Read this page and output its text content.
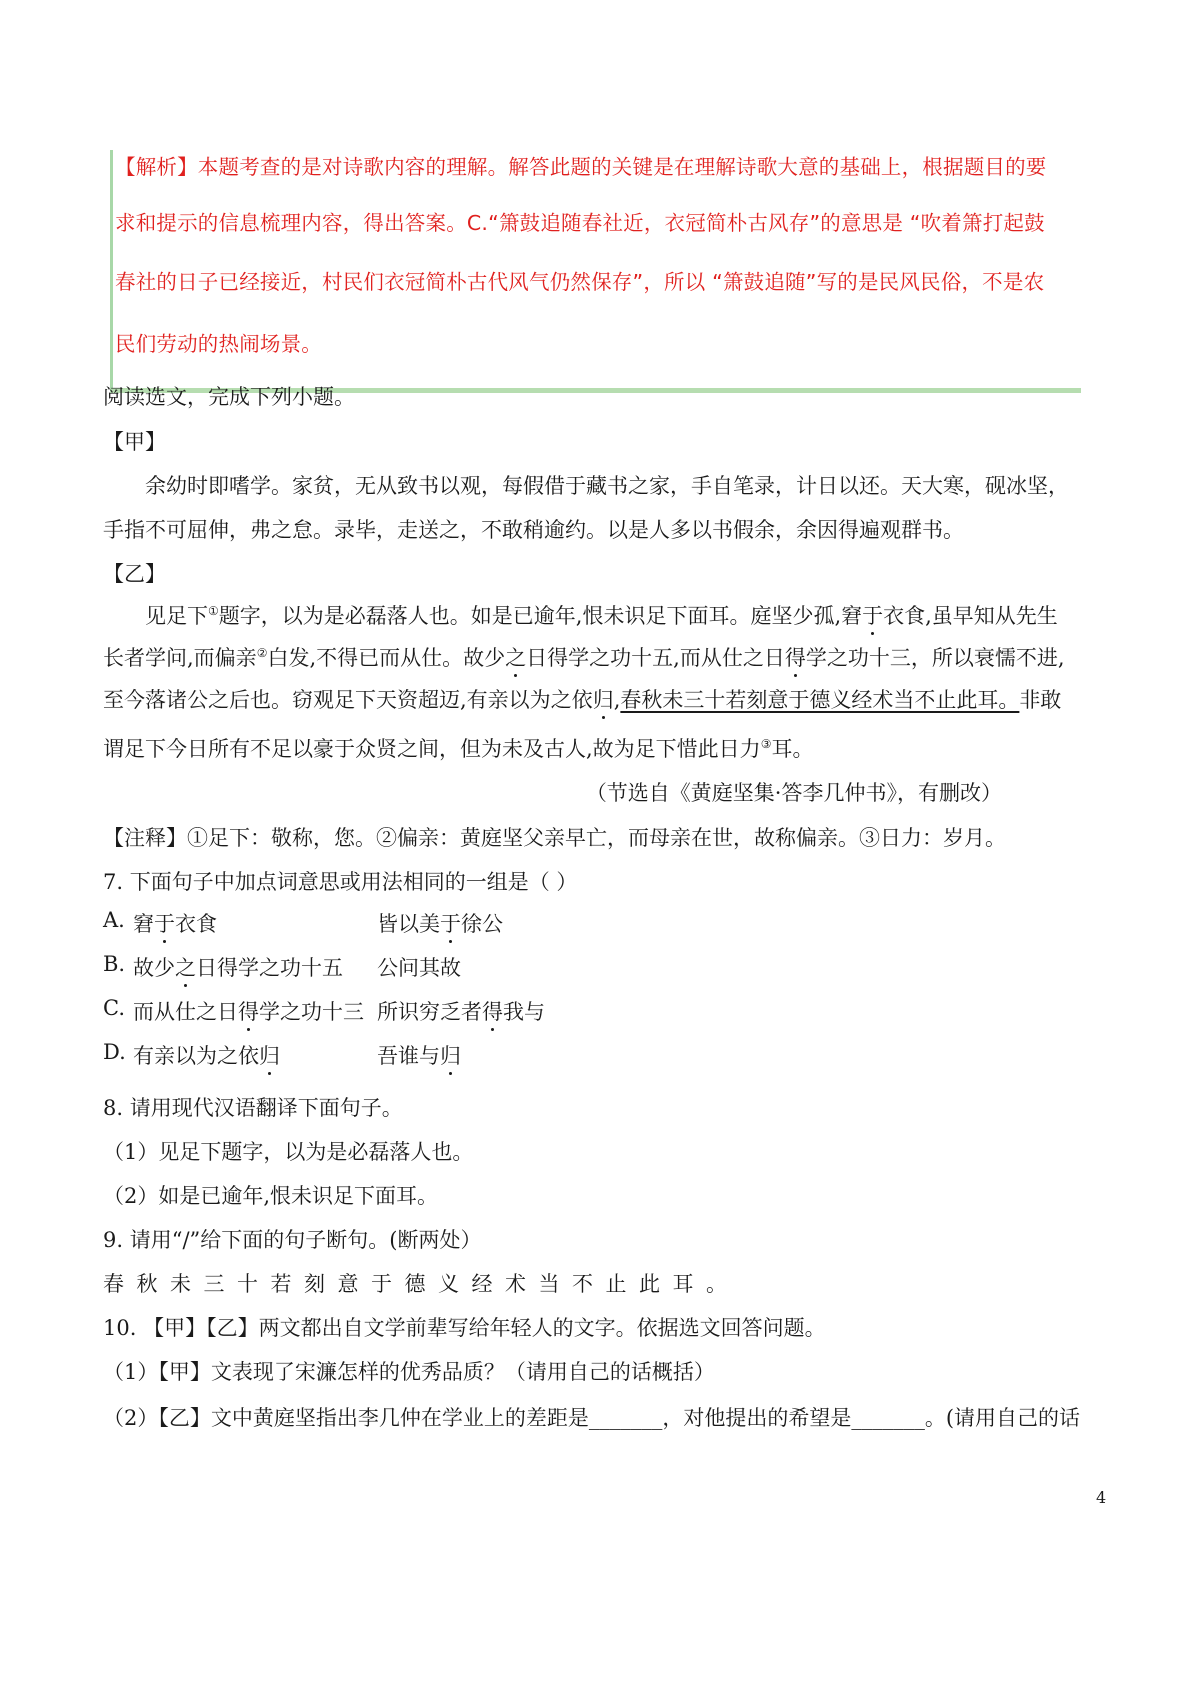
【解析】本题考查的是对诗歌内容的理解。解答此题的关键是在理解诗歌大意的基础上，根据题目的要
求和提示的信息梳理内容，得出答案。C.“箫鼓追随春社近，衣冠简朴古风存”的意思是 “吹着箫打起鼓
春社的日子已经接近，村民们衣冠简朴古代风气仍然保存”，所以 “箫鼓追随”写的是民风民俗，不是农
民们劳动的热闹场景。
阅读选文，完成下列小题。
【甲】
余幼时即嗜学。家贫，无从致书以观，每假借于藏书之家，手自笔录，计日以还。天大寒，砚冰坚，
手指不可屈伸，弗之怠。录毕，走送之，不敢稍逾约。以是人多以书假余，余因得遍观群书。
【乙】
见足下①题字，以为是必磊落人也。如是已逾年,恨未识足下面耳。庭坚少孤,窘于衣食,虽早知从先生
长者学问,而偏亲②白发,不得已而从仕。故少之日得学之功十五,而从仕之日得学之功十三，所以衰懦不进,
至今落诸公之后也。窃观足下天资超迈,有亲以为之依归,春秋未三十若刻意于德义经术当不止此耳。非敢
谓足下今日所有不足以豪于众贤之间，但为未及古人,故为足下惜此日力③耳。
（节选自《黄庭坚集·答李几仲书》，有删改）
【注释】①足下：敬称，您。②偏亲：黄庭坚父亲早亡，而母亲在世，故称偏亲。③日力：岁月。
7. 下面句子中加点词意思或用法相同的一组是（ ）
A. 窘于衣食	皆以美于徐公
B. 故少之日得学之功十五 公问其故
C. 而从仕之日得学之功十三 所识穷乏者得我与
D. 有亲以为之依归	吾谁与归
8. 请用现代汉语翻译下面句子。
（1）见足下题字，以为是必磊落人也。
（2）如是已逾年,恨未识足下面耳。
9. 请用“/”给下面的句子断句。(断两处）
春秋未三十若刻意于德义经术当不止此耳。
10. 【甲】【乙】两文都出自文学前辈写给年轻人的文字。依据选文回答问题。
（1）【甲】文表现了宋濂怎样的优秀品质？（请用自己的话概括）
（2）【乙】文中黄庭坚指出李几仲在学业上的差距是_______，对他提出的希望是_______。(请用自己的话
4
